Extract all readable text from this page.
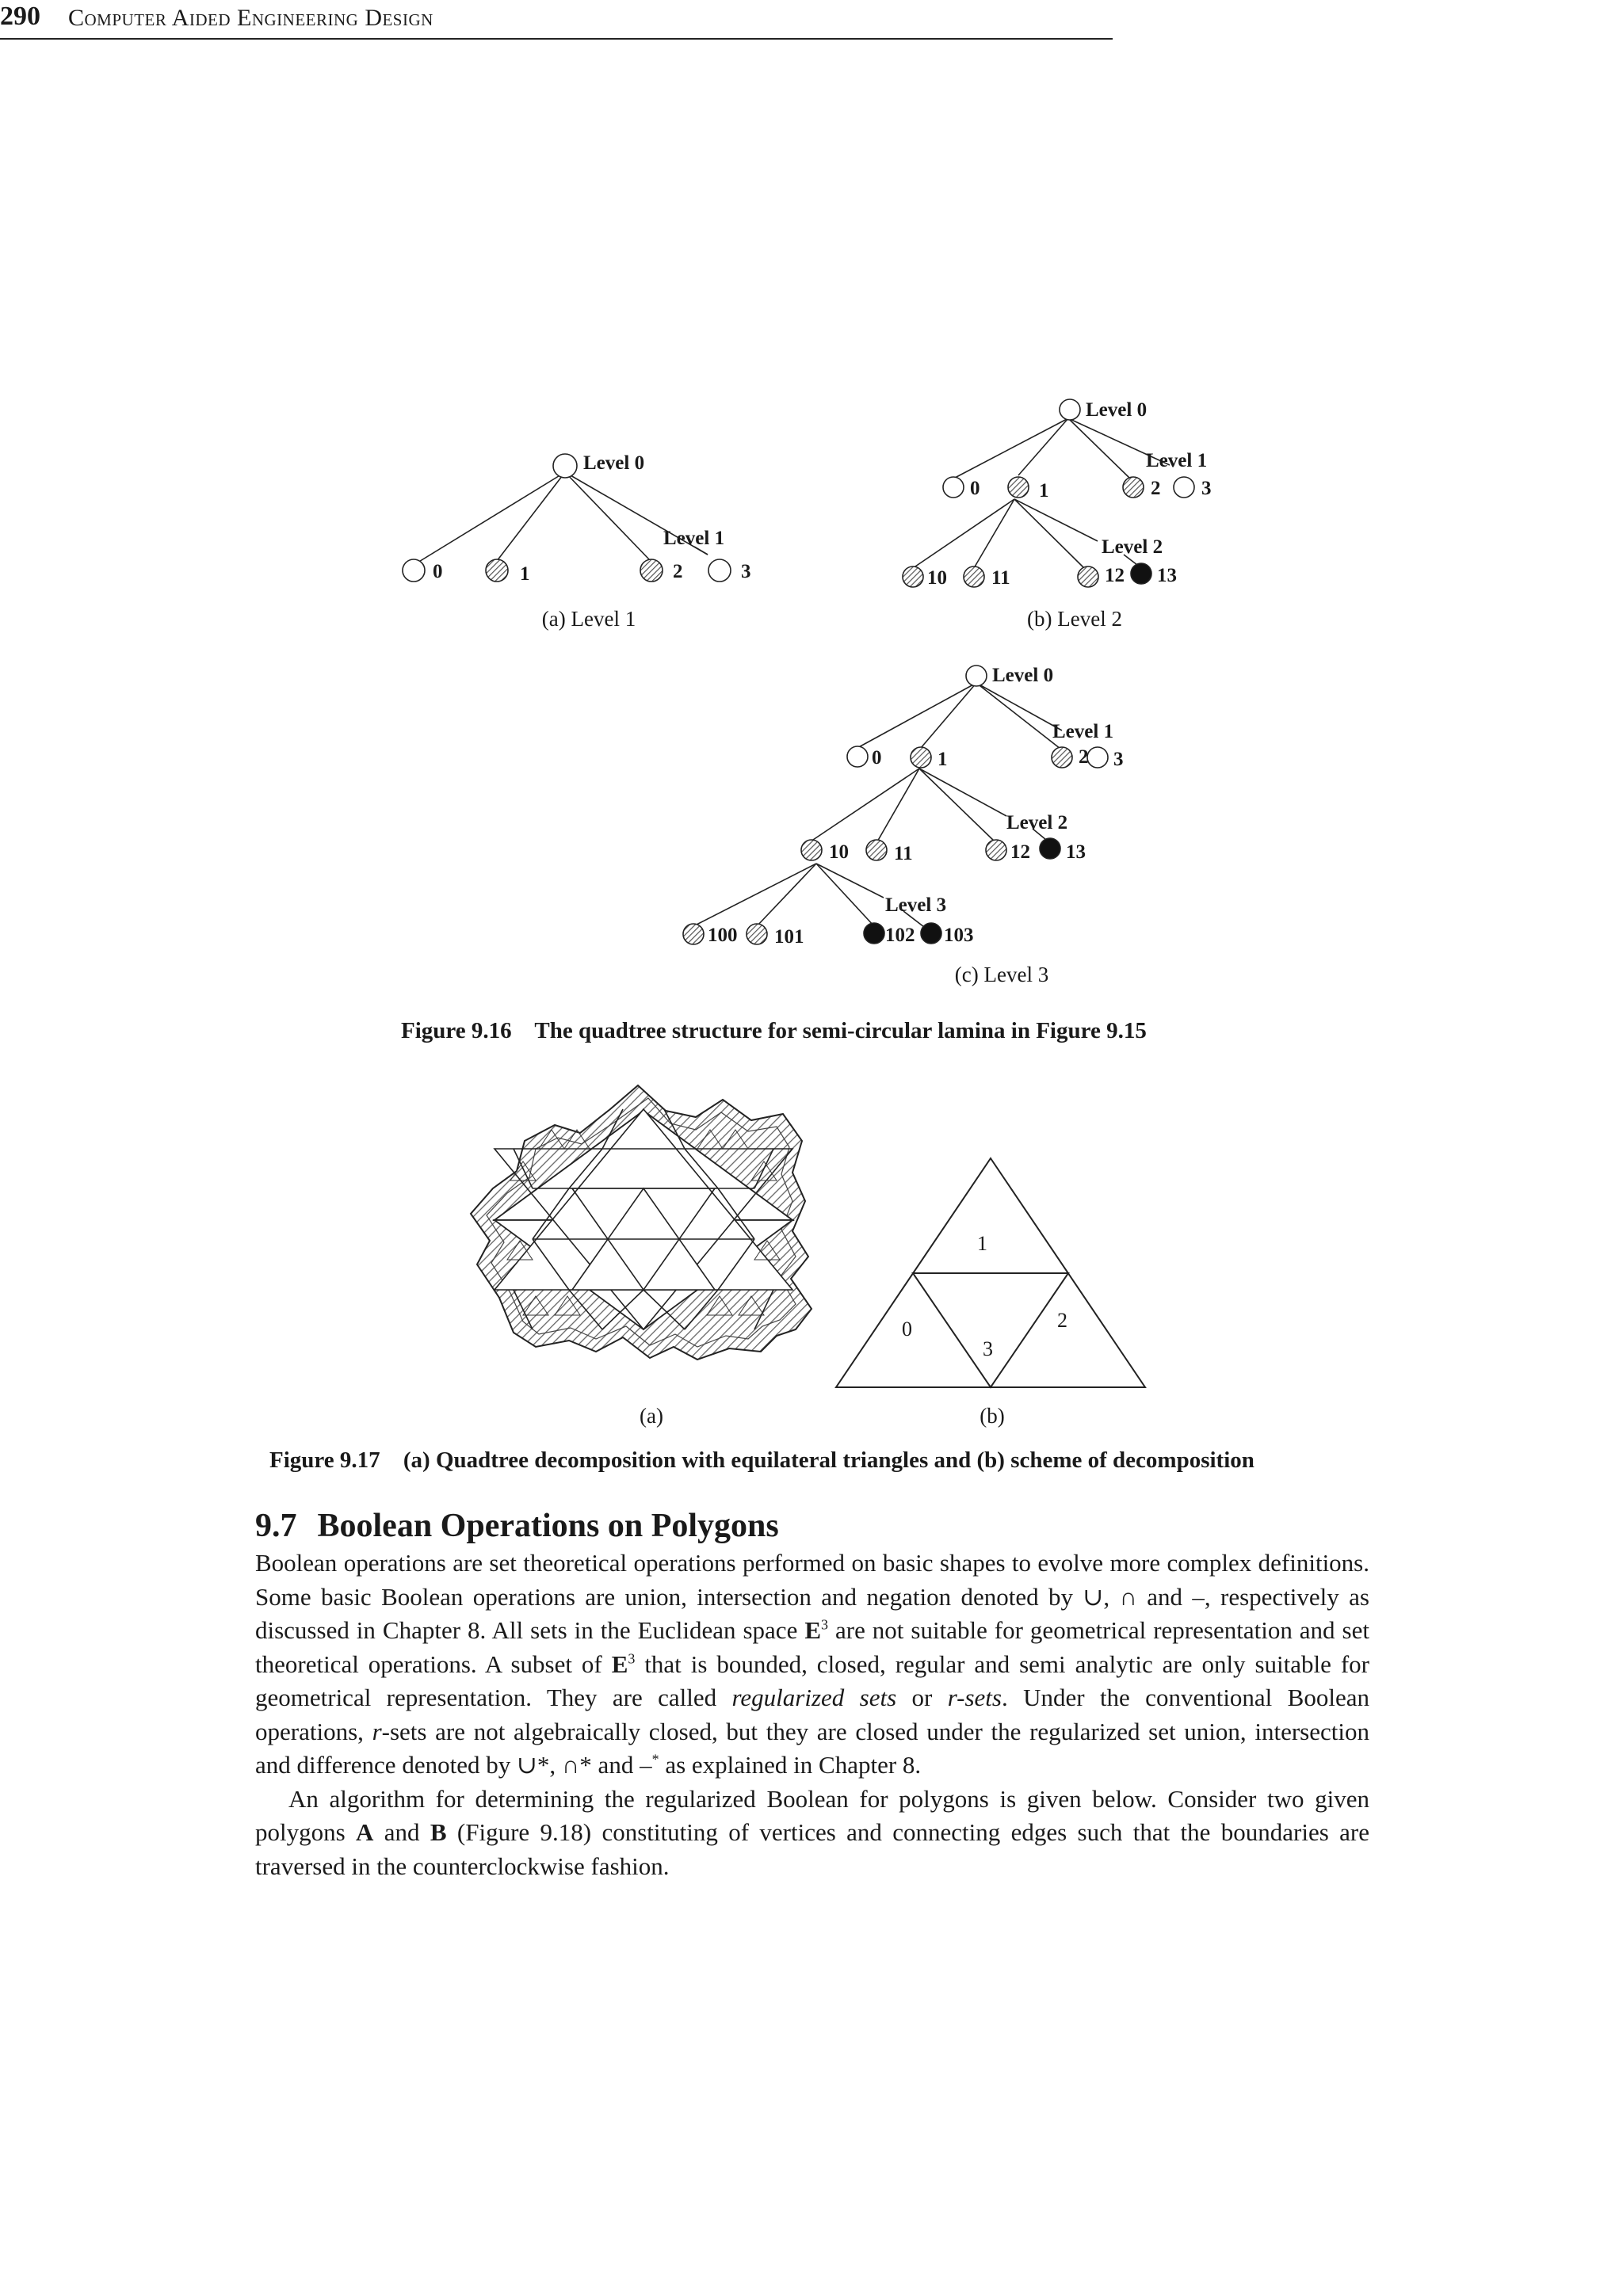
290 Computer Aided Engineering Design
Level 0
Level 1
0	1	2	3
(a) Level 1
Level 0
Level 1
Level 2
0	1	2 3
10 11	12 13
(b) Level 2
Level 0
Level 1
Level 2
Level 3
0	1	2 3
10 11	12 13
100 101	102 103
(c) Level 3
Figure 9.16 The quadtree structure for semi-circular lamina in Figure 9.15
(a)
1
0
3
2
(b)
Figure 9.17 (a) Quadtree decomposition with equilateral triangles and (b) scheme of decomposition
9.7 Boolean Operations on Polygons

Boolean operations are set theoretical operations performed on basic shapes to evolve more complex definitions. Some basic Boolean operations are union, intersection and negation denoted by ∪, ∩ and –, respectively as discussed in Chapter 8. All sets in the Euclidean space $E^3$ are not suitable for geometrical representation and set theoretical operations. A subset of $E^3$ that is bounded, closed, regular and semi analytic are only suitable for geometrical representation. They are called regularized sets or r-sets. Under the conventional Boolean operations, r-sets are not algebraically closed, but they are closed under the regularized set union, intersection and difference denoted by ∪*, ∩* and –* as explained in Chapter 8.

An algorithm for determining the regularized Boolean for polygons is given below. Consider two given polygons A and B (Figure 9.18) constituting of vertices and connecting edges such that the boundaries are traversed in the counterclockwise fashion.
